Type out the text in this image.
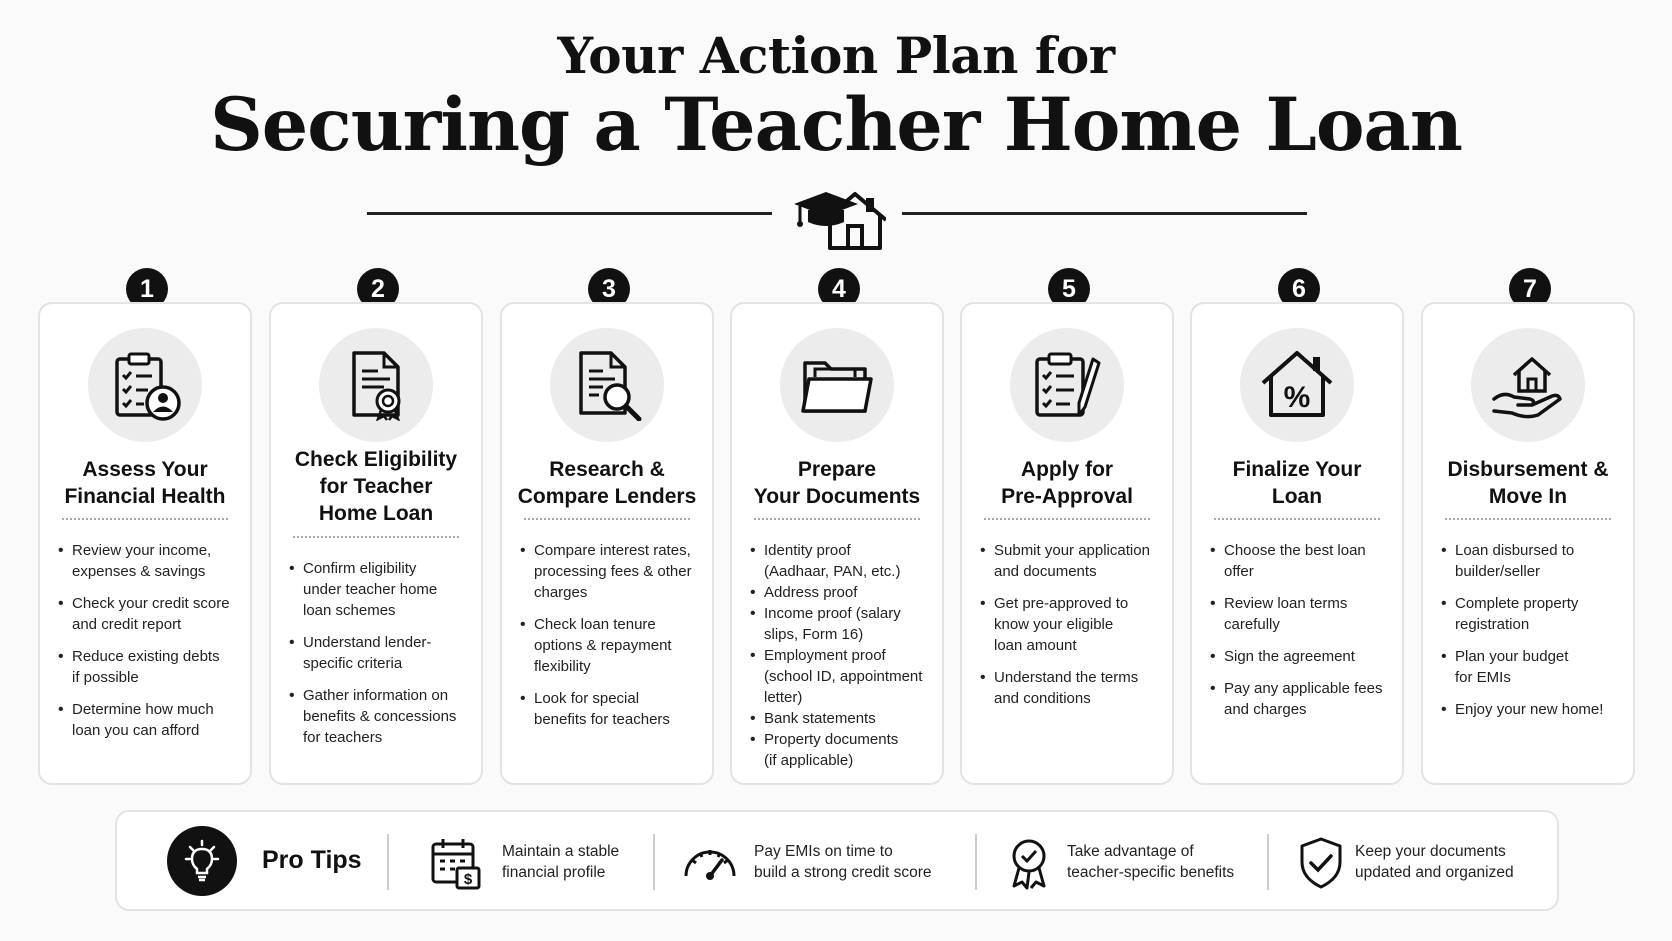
Your Action Plan for
Securing a Teacher Home Loan
1	2	3	4	5	6	7
Assess Your
Financial Health
• Review your income,
expenses & savings
• Check your credit score
and credit report
• Reduce existing debts
if possible
• Determine how much
loan you can afford
Check Eligibility
for Teacher
Home Loan
• Confirm eligibility
under teacher home
loan schemes
• Understand lender-
specific criteria
• Gather information on
benefits & concessions
for teachers
Research &
Compare Lenders
• Compare interest rates,
processing fees & other
charges
• Check loan tenure
options & repayment
flexibility
• Look for special
benefits for teachers
Prepare
Your Documents
• Identity proof
(Aadhaar, PAN, etc.)
• Address proof
• Income proof (salary
slips, Form 16)
• Employment proof
(school ID, appointment
letter)
• Bank statements
• Property documents
(if applicable)
Apply for
Pre-Approval
• Submit your application
and documents
• Get pre-approved to
know your eligible
loan amount
• Understand the terms
and conditions
%
Finalize Your
Loan
• Choose the best loan
offer
• Review loan terms
carefully
• Sign the agreement
• Pay any applicable fees
and charges
Disbursement &
Move In
• Loan disbursed to
builder/seller
• Complete property
registration
• Plan your budget
for EMIs
• Enjoy your new home!
Pro Tips
$
Maintain a stable
financial profile
Pay EMIs on time to
build a strong credit score
Take advantage of
teacher-specific benefits
Keep your documents
updated and organized
